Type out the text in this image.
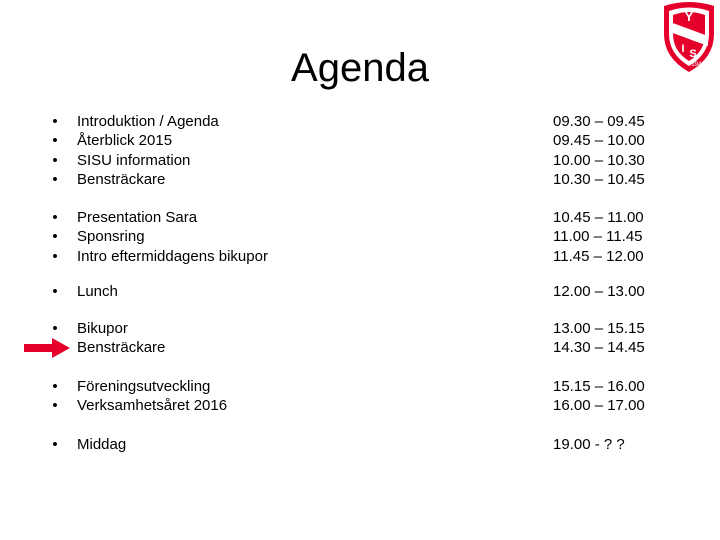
Agenda
Y
I S
1942
• Introduktion / Agenda	09.30 – 09.45
• Återblick 2015	09.45 – 10.00
• SISU information	10.00 – 10.30
• Bensträckare	10.30 – 10.45
• Presentation Sara	10.45 – 11.00
• Sponsring	11.00 – 11.45
• Intro eftermiddagens bikupor	11.45 – 12.00
• Lunch	12.00 – 13.00
• Bikupor	13.00 – 15.15
Bensträckare	14.30 – 14.45
• Föreningsutveckling	15.15 – 16.00
• Verksamhetsåret 2016	16.00 – 17.00
• Middag	19.00 - ? ?
